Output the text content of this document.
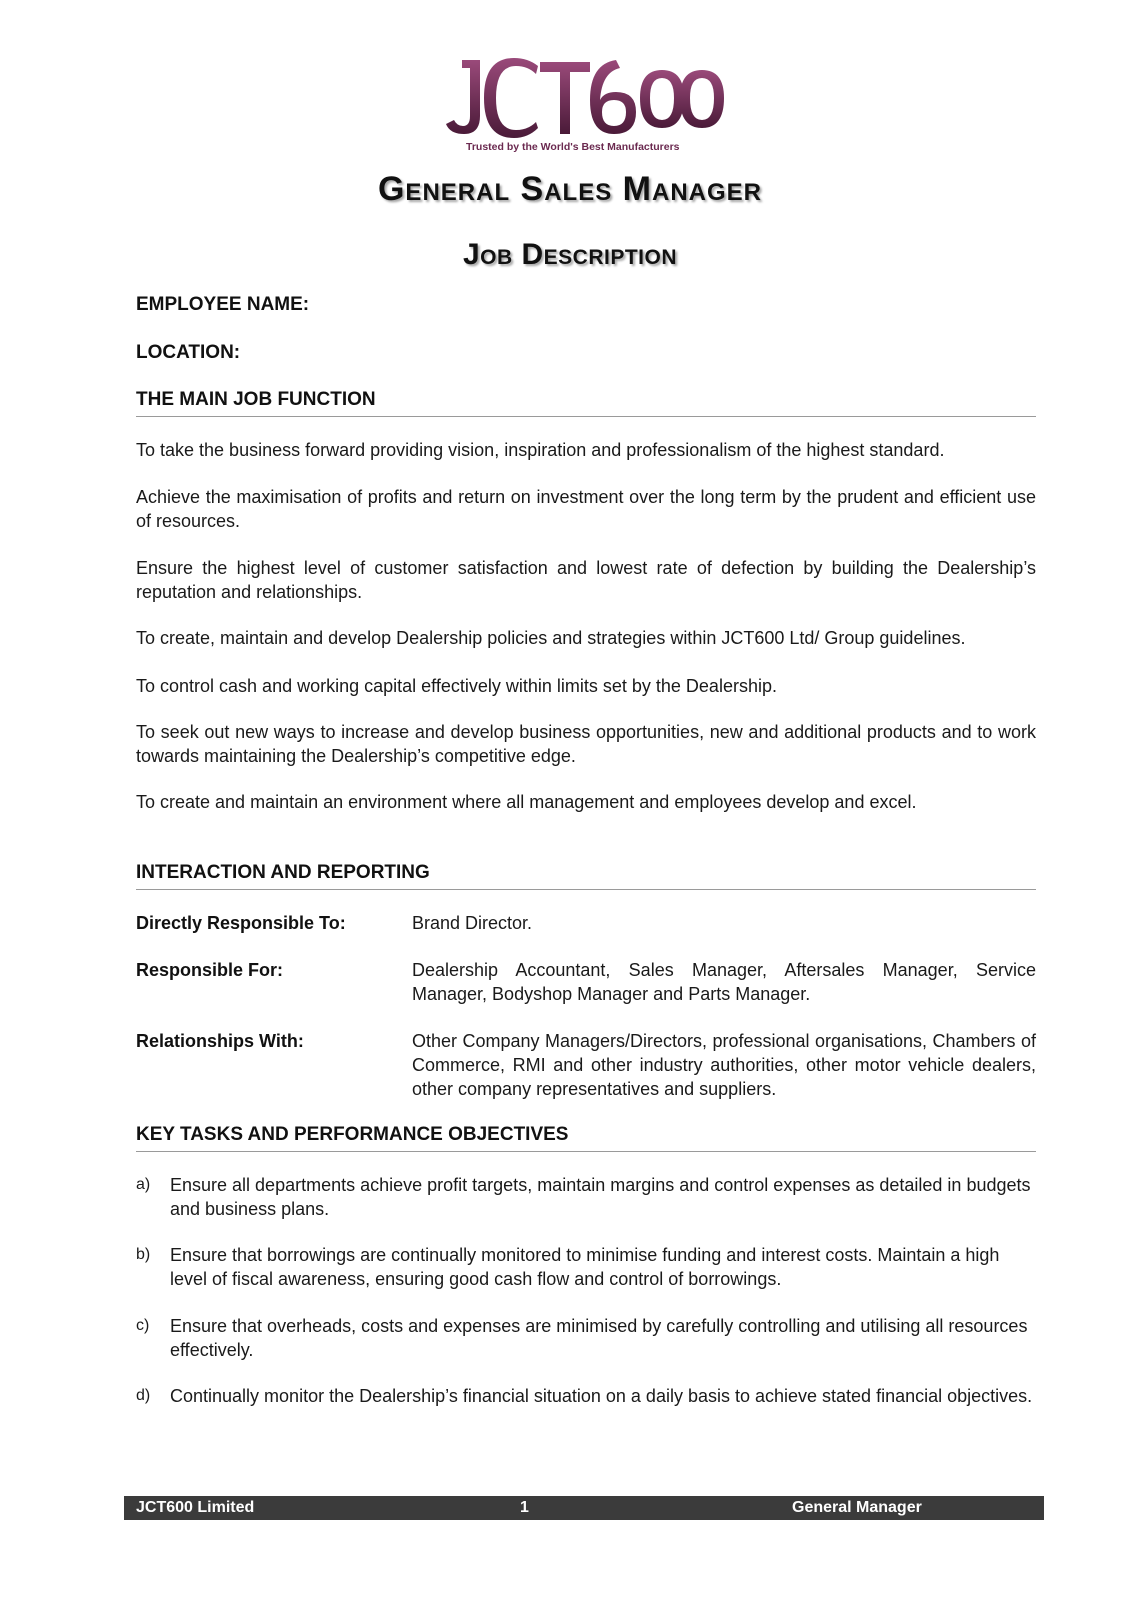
Trusted by the World's Best Manufacturers
General Sales Manager
Job Description
EMPLOYEE NAME:
LOCATION:
THE MAIN JOB FUNCTION

To take the business forward providing vision, inspiration and professionalism of the highest standard.

Achieve the maximisation of profits and return on investment over the long term by the prudent and efficient use of resources.

Ensure the highest level of customer satisfaction and lowest rate of defection by building the Dealership’s reputation and relationships.

To create, maintain and develop Dealership policies and strategies within JCT600 Ltd/ Group guidelines.

To control cash and working capital effectively within limits set by the Dealership.

To seek out new ways to increase and develop business opportunities, new and additional products and to work towards maintaining the Dealership’s competitive edge.

To create and maintain an environment where all management and employees develop and excel.

INTERACTION AND REPORTING
Directly Responsible To:	Brand Director.
Responsible For:	Dealership Accountant, Sales Manager, Aftersales Manager, Service Manager, Bodyshop Manager and Parts Manager.
Relationships With:	Other Company Managers/Directors, professional organisations, Chambers of Commerce, RMI and other industry authorities, other motor vehicle dealers, other company representatives and suppliers.
KEY TASKS AND PERFORMANCE OBJECTIVES
a) Ensure all departments achieve profit targets, maintain margins and control expenses as detailed in budgets and business plans.
b) Ensure that borrowings are continually monitored to minimise funding and interest costs. Maintain a high level of fiscal awareness, ensuring good cash flow and control of borrowings.
c) Ensure that overheads, costs and expenses are minimised by carefully controlling and utilising all resources effectively.
d) Continually monitor the Dealership’s financial situation on a daily basis to achieve stated financial objectives.
JCT600 Limited	1	General Manager
